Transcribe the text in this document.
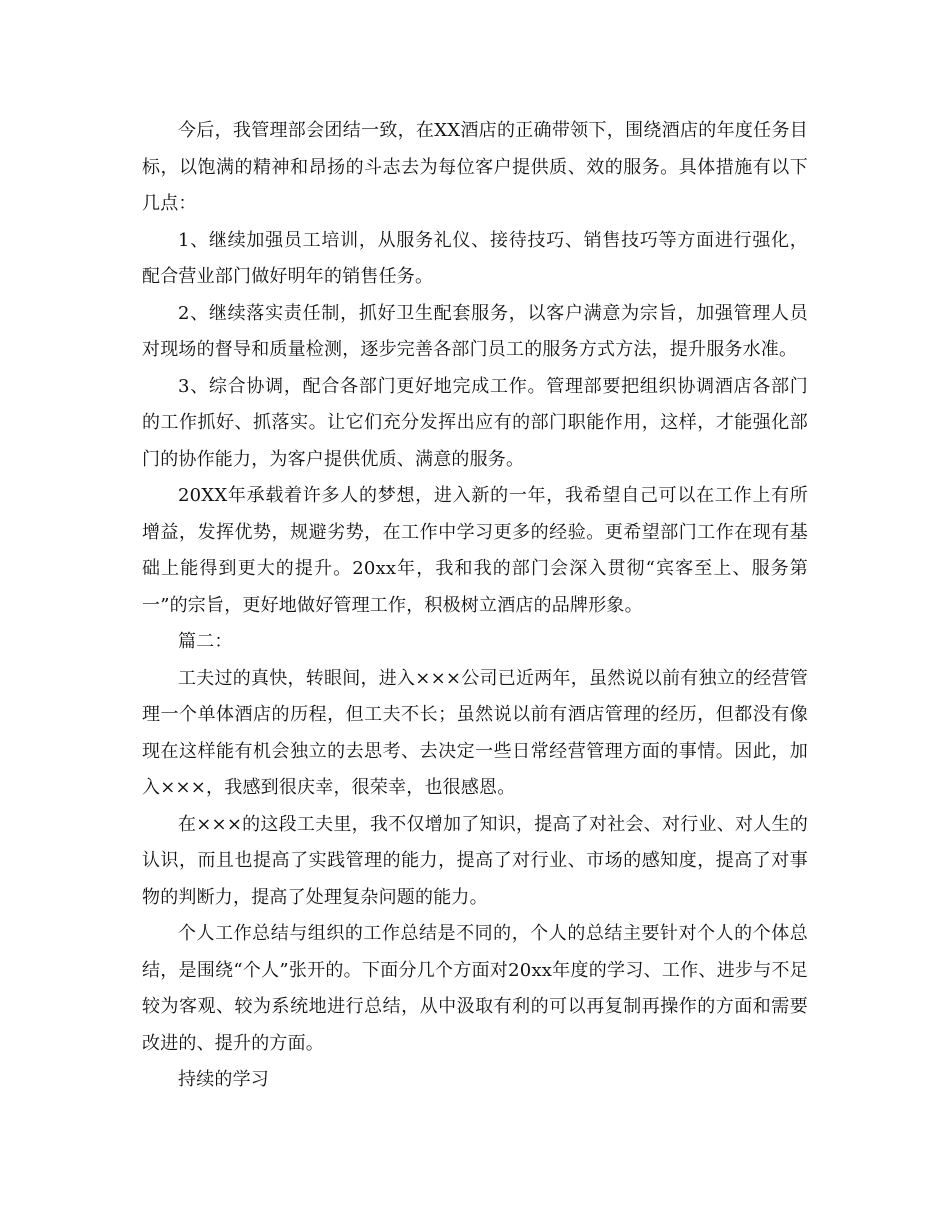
今后，我管理部会团结一致，在XX酒店的正确带领下，围绕酒店的年度任务目标，以饱满的精神和昂扬的斗志去为每位客户提供质、效的服务。具体措施有以下几点：

1、继续加强员工培训，从服务礼仪、接待技巧、销售技巧等方面进行强化，配合营业部门做好明年的销售任务。

2、继续落实责任制，抓好卫生配套服务，以客户满意为宗旨，加强管理人员对现场的督导和质量检测，逐步完善各部门员工的服务方式方法，提升服务水准。

3、综合协调，配合各部门更好地完成工作。管理部要把组织协调酒店各部门的工作抓好、抓落实。让它们充分发挥出应有的部门职能作用，这样，才能强化部门的协作能力，为客户提供优质、满意的服务。

20XX年承载着许多人的梦想，进入新的一年，我希望自己可以在工作上有所增益，发挥优势，规避劣势，在工作中学习更多的经验。更希望部门工作在现有基础上能得到更大的提升。20xx年，我和我的部门会深入贯彻“宾客至上、服务第一”的宗旨，更好地做好管理工作，积极树立酒店的品牌形象。

篇二：

工夫过的真快，转眼间，进入×××公司已近两年，虽然说以前有独立的经营管理一个单体酒店的历程，但工夫不长；虽然说以前有酒店管理的经历，但都没有像现在这样能有机会独立的去思考、去决定一些日常经营管理方面的事情。因此，加入×××，我感到很庆幸，很荣幸，也很感恩。

在×××的这段工夫里，我不仅增加了知识，提高了对社会、对行业、对人生的认识，而且也提高了实践管理的能力，提高了对行业、市场的感知度，提高了对事物的判断力，提高了处理复杂问题的能力。

个人工作总结与组织的工作总结是不同的，个人的总结主要针对个人的个体总结，是围绕“个人”张开的。下面分几个方面对20xx年度的学习、工作、进步与不足较为客观、较为系统地进行总结，从中汲取有利的可以再复制再操作的方面和需要改进的、提升的方面。

持续的学习
